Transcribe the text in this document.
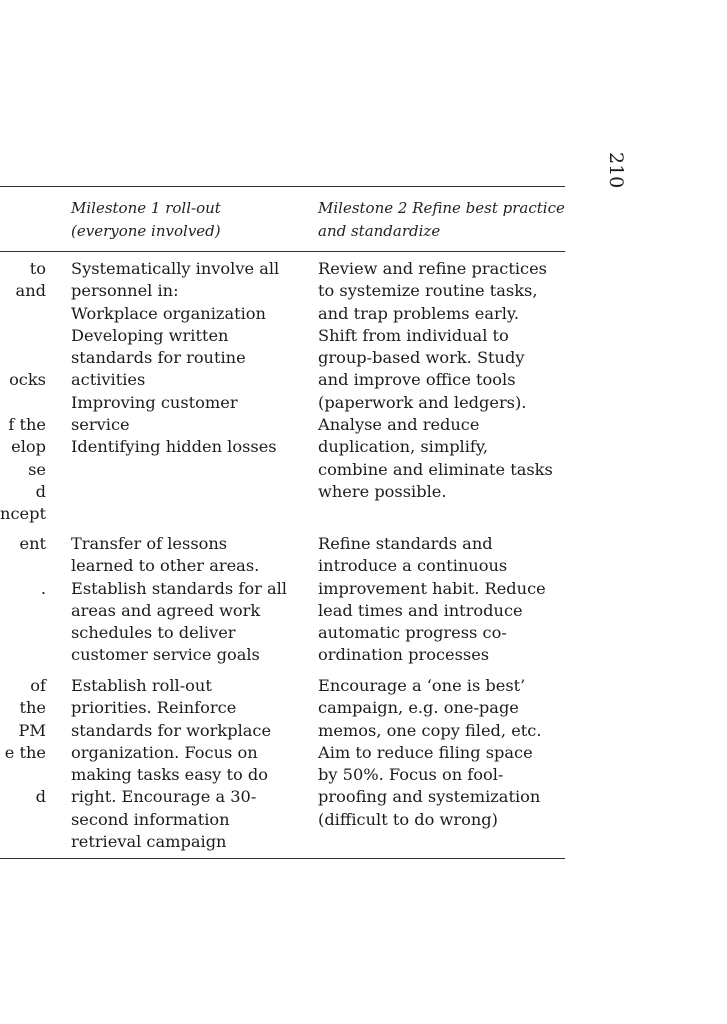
210
Milestone 1 roll-out
(everyone involved)
Milestone 2 Refine best practice
and standardize
to
and

ocks

f the
elop
se
d
ncept
Systematically involve all
personnel in:
Workplace organization
Developing written
standards for routine
activities
Improving customer
service
Identifying hidden losses
Review and refine practices
to systemize routine tasks,
and trap problems early.
Shift from individual to
group-based work. Study
and improve office tools
(paperwork and ledgers).
Analyse and reduce
duplication, simplify,
combine and eliminate tasks
where possible.
ent

.
Transfer of lessons
learned to other areas.
Establish standards for all
areas and agreed work
schedules to deliver
customer service goals
Refine standards and
introduce a continuous
improvement habit. Reduce
lead times and introduce
automatic progress co-
ordination processes
of the
PM
e the

d
Establish roll-out
priorities. Reinforce
standards for workplace
organization. Focus on
making tasks easy to do
right. Encourage a 30-
second information
retrieval campaign
Encourage a ‘one is best’
campaign, e.g. one-page
memos, one copy filed, etc.
Aim to reduce filing space
by 50%. Focus on fool-
proofing and systemization
(difficult to do wrong)
